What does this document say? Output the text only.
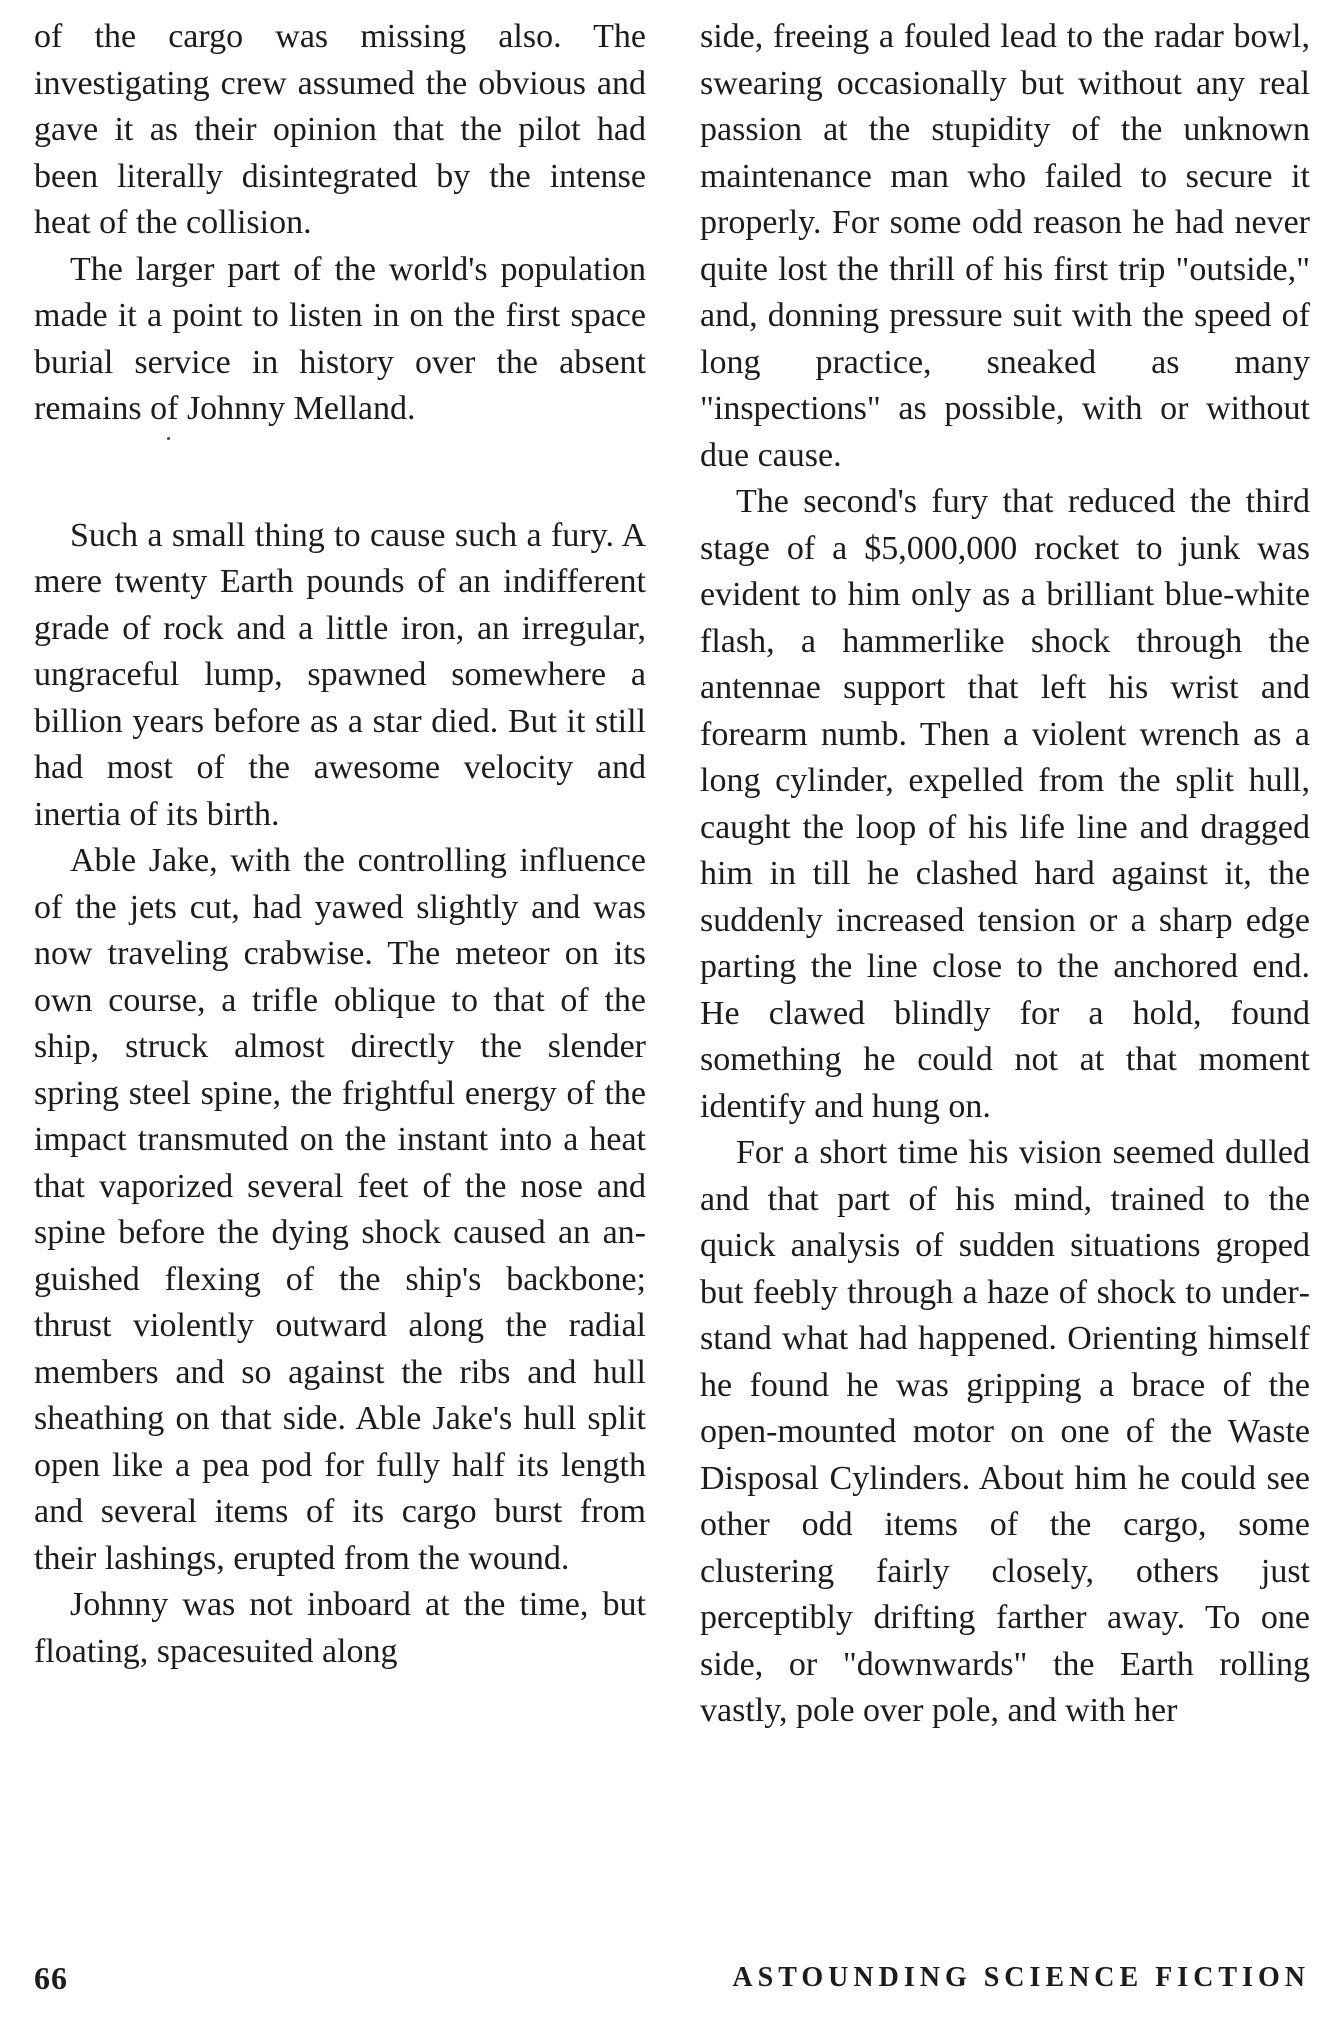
of the cargo was missing also. The investigating crew assumed the obvious and gave it as their opinion that the pilot had been literally disintegrated by the intense heat of the collision.

The larger part of the world's population made it a point to listen in on the first space burial service in history over the absent remains of Johnny Melland.

Such a small thing to cause such a fury. A mere twenty Earth pounds of an indifferent grade of rock and a little iron, an irregular, ungraceful lump, spawned somewhere a billion years before as a star died. But it still had most of the awesome velocity and inertia of its birth.

Able Jake, with the controlling influence of the jets cut, had yawed slightly and was now traveling crabwise. The meteor on its own course, a trifle oblique to that of the ship, struck almost directly the slender spring steel spine, the frightful energy of the impact transmuted on the instant into a heat that vaporized several feet of the nose and spine before the dying shock caused an anguished flexing of the ship's backbone; thrust violently outward along the radial members and so against the ribs and hull sheathing on that side. Able Jake's hull split open like a pea pod for fully half its length and several items of its cargo burst from their lashings, erupted from the wound.

Johnny was not inboard at the time, but floating, spacesuited along

side, freeing a fouled lead to the radar bowl, swearing occasionally but without any real passion at the stupidity of the unknown maintenance man who failed to secure it properly. For some odd reason he had never quite lost the thrill of his first trip "outside," and, donning pressure suit with the speed of long practice, sneaked as many "inspections" as possible, with or without due cause.

The second's fury that reduced the third stage of a $5,000,000 rocket to junk was evident to him only as a brilliant blue-white flash, a hammerlike shock through the antennae support that left his wrist and forearm numb. Then a violent wrench as a long cylinder, expelled from the split hull, caught the loop of his life line and dragged him in till he clashed hard against it, the suddenly increased tension or a sharp edge parting the line close to the anchored end. He clawed blindly for a hold, found something he could not at that moment identify and hung on.

For a short time his vision seemed dulled and that part of his mind, trained to the quick analysis of sudden situations groped but feebly through a haze of shock to understand what had happened. Orienting himself he found he was gripping a brace of the open-mounted motor on one of the Waste Disposal Cylinders. About him he could see other odd items of the cargo, some clustering fairly closely, others just perceptibly drifting farther away. To one side, or "downwards" the Earth rolling vastly, pole over pole, and with her

66	ASTOUNDING SCIENCE FICTION
